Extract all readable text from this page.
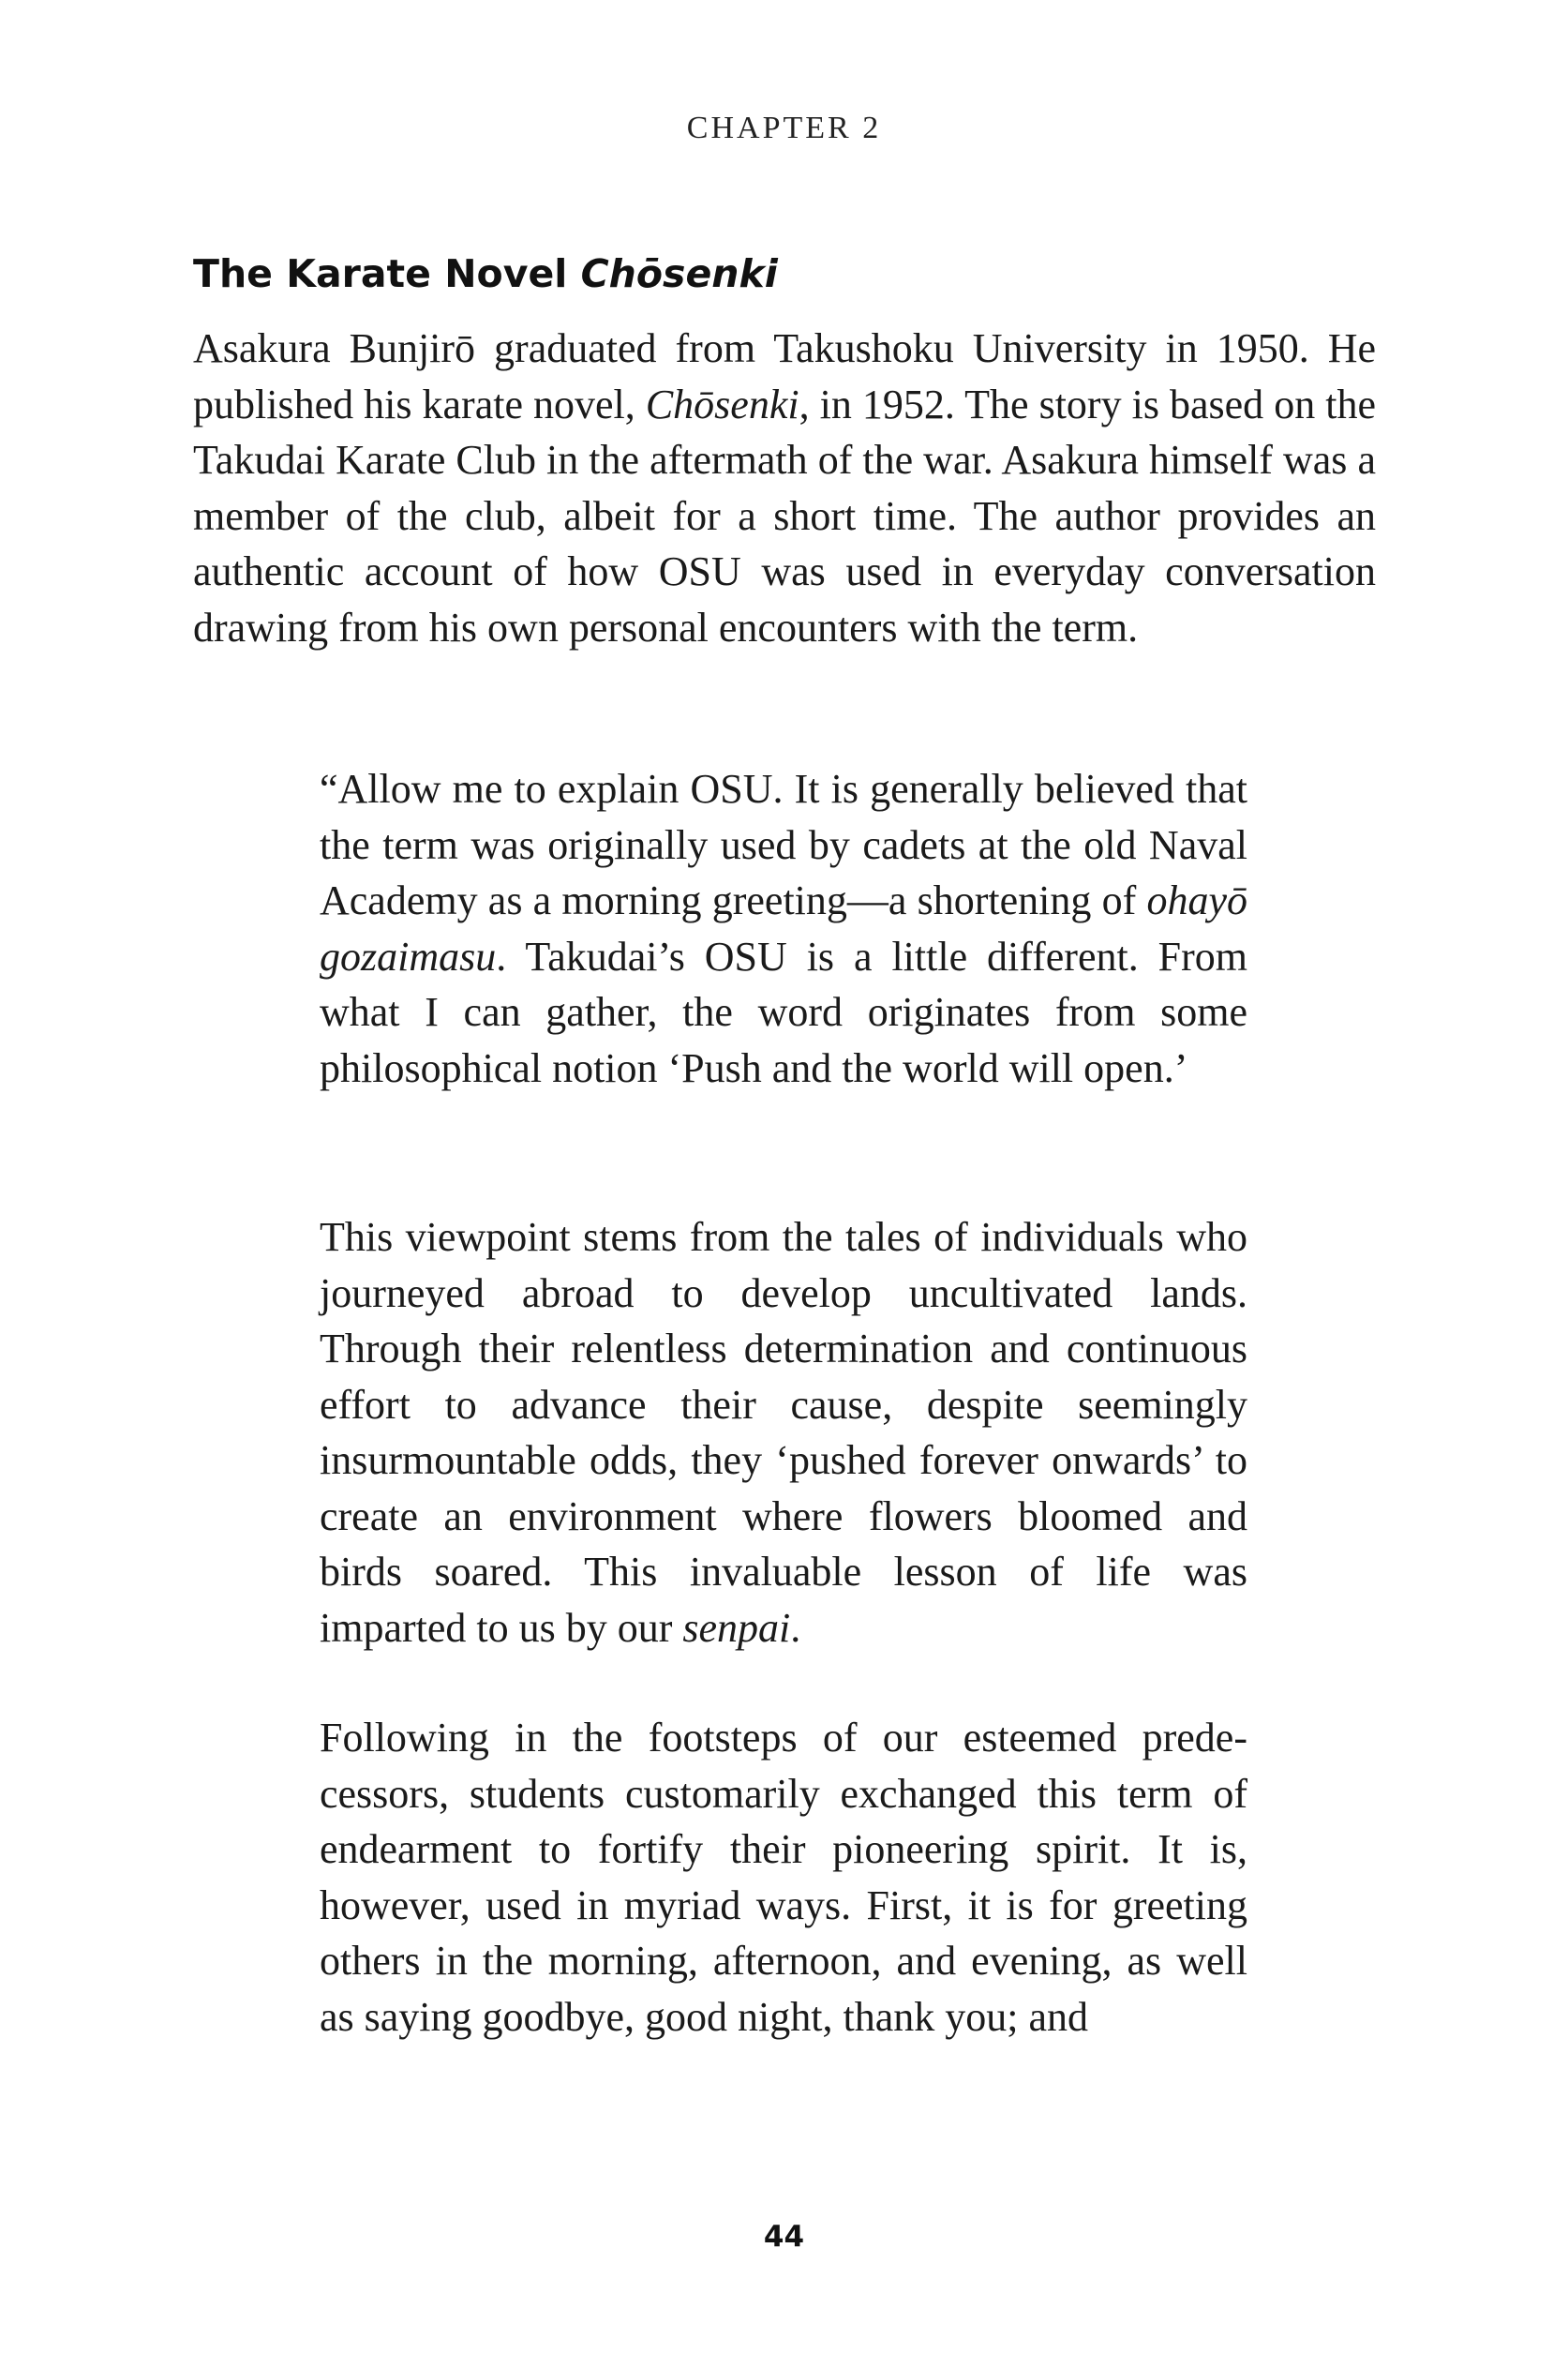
CHAPTER 2
The Karate Novel Chōsenki

Asakura Bunjirō graduated from Takushoku University in 1950. He published his karate novel, Chōsenki, in 1952. The story is based on the Takudai Karate Club in the aftermath of the war. Asakura himself was a member of the club, albeit for a short time. The author provides an authentic account of how OSU was used in everyday conversation drawing from his own personal encounters with the term.

“Allow me to explain OSU. It is generally believed that the term was originally used by cadets at the old Naval Academy as a morning greeting—a shortening of ohayō gozaimasu. Takudai’s OSU is a little different. From what I can gather, the word originates from some philosophical notion ‘Push and the world will open.’

This viewpoint stems from the tales of individuals who journeyed abroad to develop uncultivated lands. Through their relentless determination and continuous effort to advance their cause, despite seemingly insurmountable odds, they ‘pushed forever onwards’ to create an environment where flowers bloomed and birds soared. This invaluable lesson of life was imparted to us by our senpai.

Following in the footsteps of our esteemed predecessors, students customarily exchanged this term of endearment to fortify their pioneering spirit. It is, however, used in myriad ways. First, it is for greeting others in the morning, afternoon, and evening, as well as saying goodbye, good night, thank you; and

44
